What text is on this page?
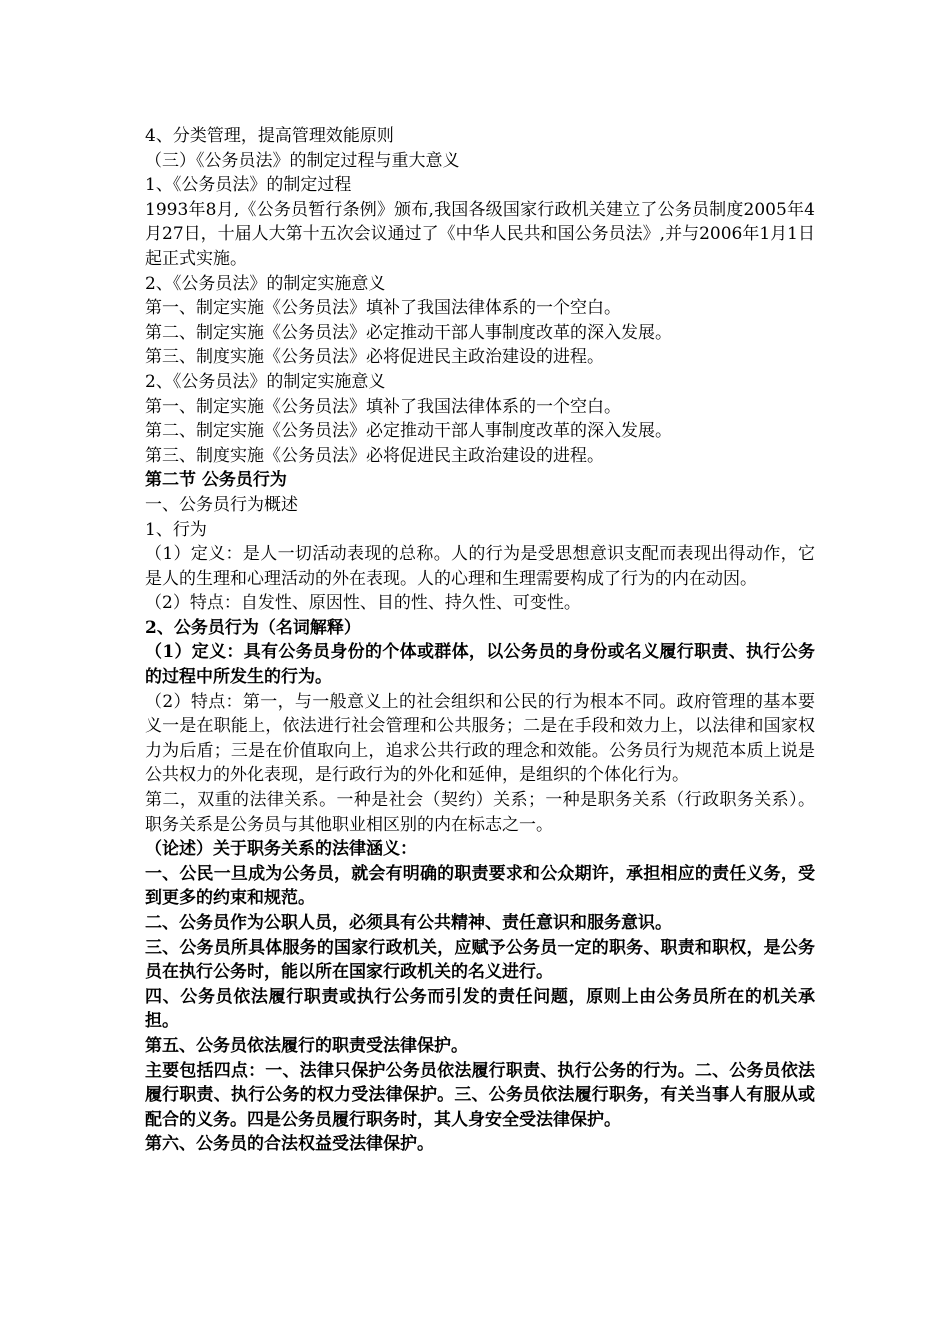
4、分类管理，提高管理效能原则

（三）《公务员法》的制定过程与重大意义

1、《公务员法》的制定过程

1993年8月,《公务员暂行条例》颁布,我国各级国家行政机关建立了公务员制度2005年4月27日，十届人大第十五次会议通过了《中华人民共和国公务员法》,并与2006年1月1日起正式实施。

2、《公务员法》的制定实施意义

第一、制定实施《公务员法》填补了我国法律体系的一个空白。

第二、制定实施《公务员法》必定推动干部人事制度改革的深入发展。

第三、制度实施《公务员法》必将促进民主政治建设的进程。

2、《公务员法》的制定实施意义

第一、制定实施《公务员法》填补了我国法律体系的一个空白。

第二、制定实施《公务员法》必定推动干部人事制度改革的深入发展。

第三、制度实施《公务员法》必将促进民主政治建设的进程。

第二节 公务员行为

一、公务员行为概述

1、行为

（1）定义：是人一切活动表现的总称。人的行为是受思想意识支配而表现出得动作，它是人的生理和心理活动的外在表现。人的心理和生理需要构成了行为的内在动因。

（2）特点：自发性、原因性、目的性、持久性、可变性。

2、公务员行为（名词解释）

（1）定义：具有公务员身份的个体或群体，以公务员的身份或名义履行职责、执行公务的过程中所发生的行为。

（2）特点：第一，与一般意义上的社会组织和公民的行为根本不同。政府管理的基本要义一是在职能上，依法进行社会管理和公共服务；二是在手段和效力上，以法律和国家权力为后盾；三是在价值取向上，追求公共行政的理念和效能。公务员行为规范本质上说是公共权力的外化表现，是行政行为的外化和延伸，是组织的个体化行为。

第二，双重的法律关系。一种是社会（契约）关系；一种是职务关系（行政职务关系）。职务关系是公务员与其他职业相区别的内在标志之一。

（论述）关于职务关系的法律涵义：

一、公民一旦成为公务员，就会有明确的职责要求和公众期许，承担相应的责任义务，受到更多的约束和规范。

二、公务员作为公职人员，必须具有公共精神、责任意识和服务意识。

三、公务员所具体服务的国家行政机关，应赋予公务员一定的职务、职责和职权，是公务员在执行公务时，能以所在国家行政机关的名义进行。

四、公务员依法履行职责或执行公务而引发的责任问题，原则上由公务员所在的机关承担。

第五、公务员依法履行的职责受法律保护。

主要包括四点：一、法律只保护公务员依法履行职责、执行公务的行为。二、公务员依法履行职责、执行公务的权力受法律保护。三、公务员依法履行职务，有关当事人有服从或配合的义务。四是公务员履行职务时，其人身安全受法律保护。

第六、公务员的合法权益受法律保护。
